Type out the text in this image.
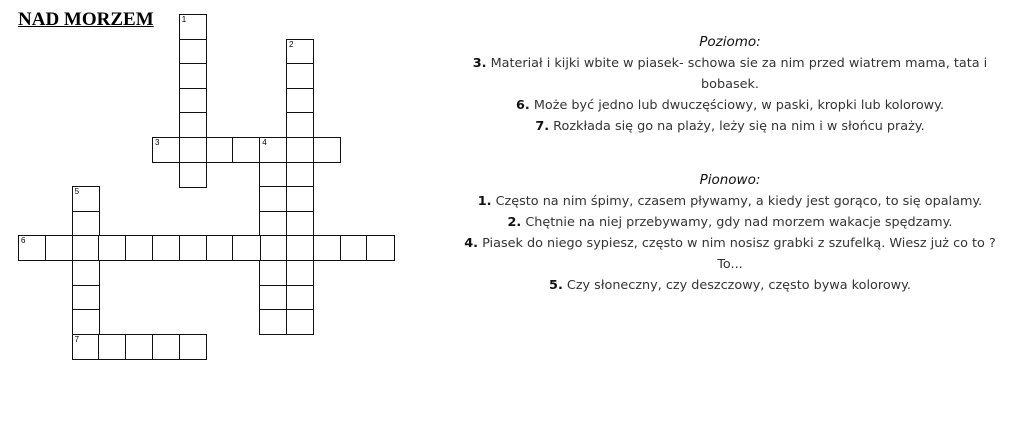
NAD MORZEM	1
2
3	4
5
7
6
Poziomo:

3. Materiał i kijki wbite w piasek- schowa sie za nim przed wiatrem mama, tata i bobasek.

6. Może być jedno lub dwuczęściowy, w paski, kropki lub kolorowy.

7. Rozkłada się go na plaży, leży się na nim i w słońcu praży.

Pionowo:

1. Często na nim śpimy, czasem pływamy, a kiedy jest gorąco, to się opalamy.

2. Chętnie na niej przebywamy, gdy nad morzem wakacje spędzamy.

4. Piasek do niego sypiesz, często w nim nosisz grabki z szufelką. Wiesz już co to ? To...

5. Czy słoneczny, czy deszczowy, często bywa kolorowy.
